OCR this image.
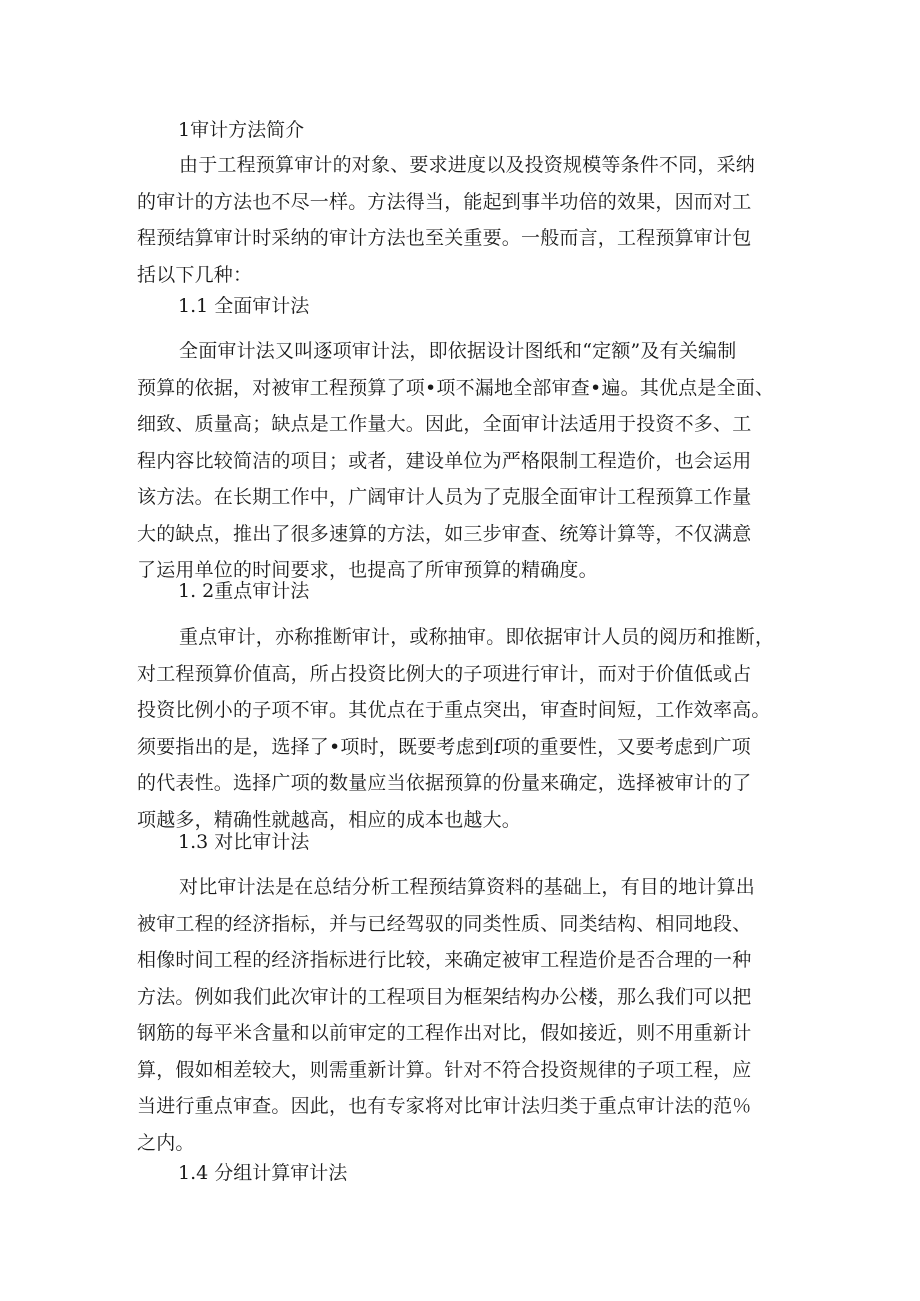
1审计方法简介
由于工程预算审计的对象、要求进度以及投资规模等条件不同，采纳
的审计的方法也不尽一样。方法得当，能起到事半功倍的效果，因而对工
程预结算审计时采纳的审计方法也至关重要。一般而言，工程预算审计包
括以下几种：
1.1 全面审计法
全面审计法又叫逐项审计法，即依据设计图纸和“定额”及有关编制
预算的依据，对被审工程预算了项•项不漏地全部审查•遍。其优点是全面、
细致、质量高；缺点是工作量大。因此，全面审计法适用于投资不多、工
程内容比较简洁的项目；或者，建设单位为严格限制工程造价，也会运用
该方法。在长期工作中，广阔审计人员为了克服全面审计工程预算工作量
大的缺点，推出了很多速算的方法，如三步审查、统筹计算等，不仅满意
了运用单位的时间要求，也提高了所审预算的精确度。
1. 2重点审计法
重点审计，亦称推断审计，或称抽审。即依据审计人员的阅历和推断，
对工程预算价值高，所占投资比例大的子项进行审计，而对于价值低或占
投资比例小的子项不审。其优点在于重点突出，审查时间短，工作效率高。
须要指出的是，选择了•项时，既要考虑到f项的重要性，又要考虑到广项
的代表性。选择广项的数量应当依据预算的份量来确定，选择被审计的了
项越多，精确性就越高，相应的成本也越大。
1.3 对比审计法
对比审计法是在总结分析工程预结算资料的基础上，有目的地计算出
被审工程的经济指标，并与已经驾驭的同类性质、同类结构、相同地段、
相像时间工程的经济指标进行比较，来确定被审工程造价是否合理的一种
方法。例如我们此次审计的工程项目为框架结构办公楼，那么我们可以把
钢筋的每平米含量和以前审定的工程作出对比，假如接近，则不用重新计
算，假如相差较大，则需重新计算。针对不符合投资规律的子项工程，应
当进行重点审查。因此，也有专家将对比审计法归类于重点审计法的范％
之内。
1.4 分组计算审计法
